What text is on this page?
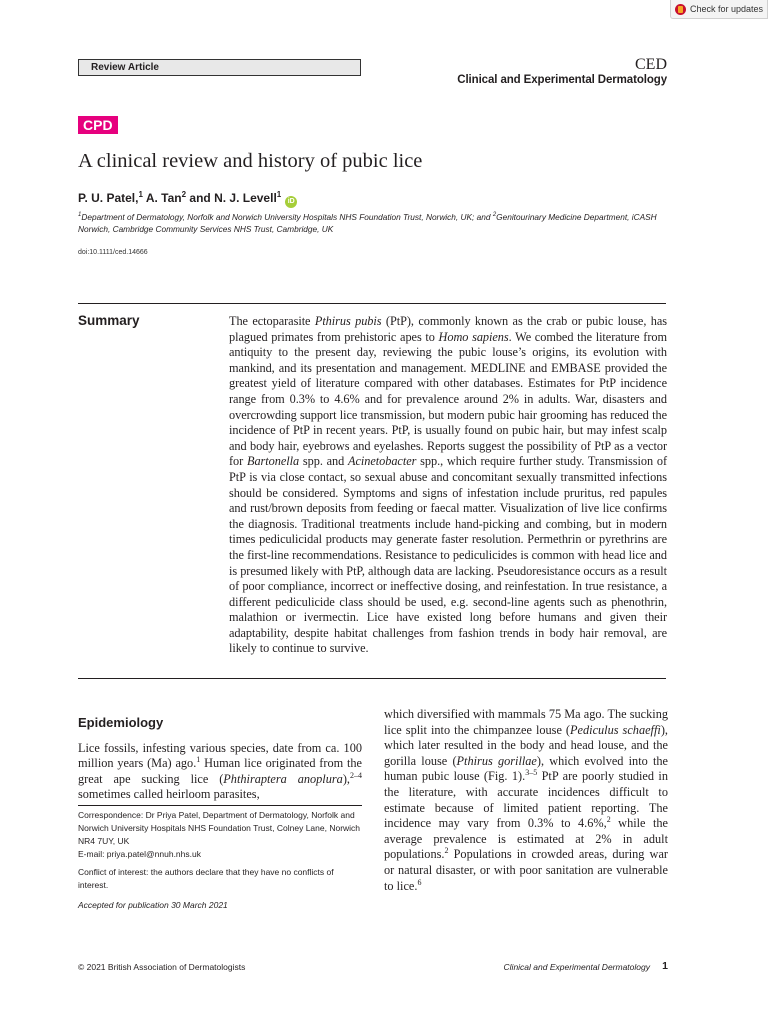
Check for updates
Review Article	CED
Clinical and Experimental Dermatology
CPD
A clinical review and history of pubic lice
P. U. Patel,$^1$ A. Tan$^2$ and N. J. Levell$^1$iD
$^1$Department of Dermatology, Norfolk and Norwich University Hospitals NHS Foundation Trust, Norwich, UK; and $^2$Genitourinary Medicine Department, iCASH Norwich, Cambridge Community Services NHS Trust, Cambridge, UK
doi:10.1111/ced.14666
Summary	The ectoparasite Pthirus pubis (PtP), commonly known as the crab or pubic louse, has plagued primates from prehistoric apes to Homo sapiens. We combed the literature from antiquity to the present day, reviewing the pubic louse’s origins, its evolution with mankind, and its presentation and management. MEDLINE and EMBASE provided the greatest yield of literature compared with other databases. Estimates for PtP incidence range from 0.3% to 4.6% and for prevalence around 2% in adults. War, disasters and overcrowding support lice transmission, but modern pubic hair grooming has reduced the incidence of PtP in recent years. PtP, is usually found on pubic hair, but may infest scalp and body hair, eyebrows and eyelashes. Reports suggest the possibility of PtP as a vector for Bartonella spp. and Acinetobacter spp., which require further study. Transmission of PtP is via close contact, so sexual abuse and concomitant sexually transmitted infections should be considered. Symptoms and signs of infestation include pruritus, red papules and rust/brown deposits from feeding or faecal matter. Visualization of live lice confirms the diagnosis. Traditional treatments include hand-picking and combing, but in modern times pediculicidal products may generate faster resolution. Permethrin or pyrethrins are the first-line recommendations. Resistance to pediculicides is common with head lice and is presumed likely with PtP, although data are lacking. Pseudoresistance occurs as a result of poor compliance, incorrect or ineffective dosing, and reinfestation. In true resistance, a different pediculicide class should be used, e.g. second-line agents such as phenothrin, malathion or ivermectin. Lice have existed long before humans and given their adaptability, despite habitat challenges from fashion trends in body hair removal, are likely to continue to survive.
Epidemiology
Lice fossils, infesting various species, date from ca. 100 million years (Ma) ago.$^1$ Human lice originated from the great ape sucking lice (Phthiraptera anoplura),$^{2-4}$ sometimes called heirloom parasites,
Correspondence: Dr Priya Patel, Department of Dermatology, Norfolk and Norwich University Hospitals NHS Foundation Trust, Colney Lane, Norwich NR4 7UY, UK
E-mail: priya.patel@nnuh.nhs.uk
Conflict of interest: the authors declare that they have no conflicts of interest.
Accepted for publication 30 March 2021
which diversified with mammals 75 Ma ago. The sucking lice split into the chimpanzee louse (Pediculus schaeffi), which later resulted in the body and head louse, and the gorilla louse (Pthirus gorillae), which evolved into the human pubic louse (Fig. 1).$^{3-5}$ PtP are poorly studied in the literature, with accurate incidences difficult to estimate because of limited patient reporting. The incidence may vary from 0.3% to 4.6%,$^2$ while the average prevalence is estimated at 2% in adult populations.$^2$ Populations in crowded areas, during war or natural disaster, or with poor sanitation are vulnerable to lice.$^6$
© 2021 British Association of Dermatologists	Clinical and Experimental Dermatology 1
